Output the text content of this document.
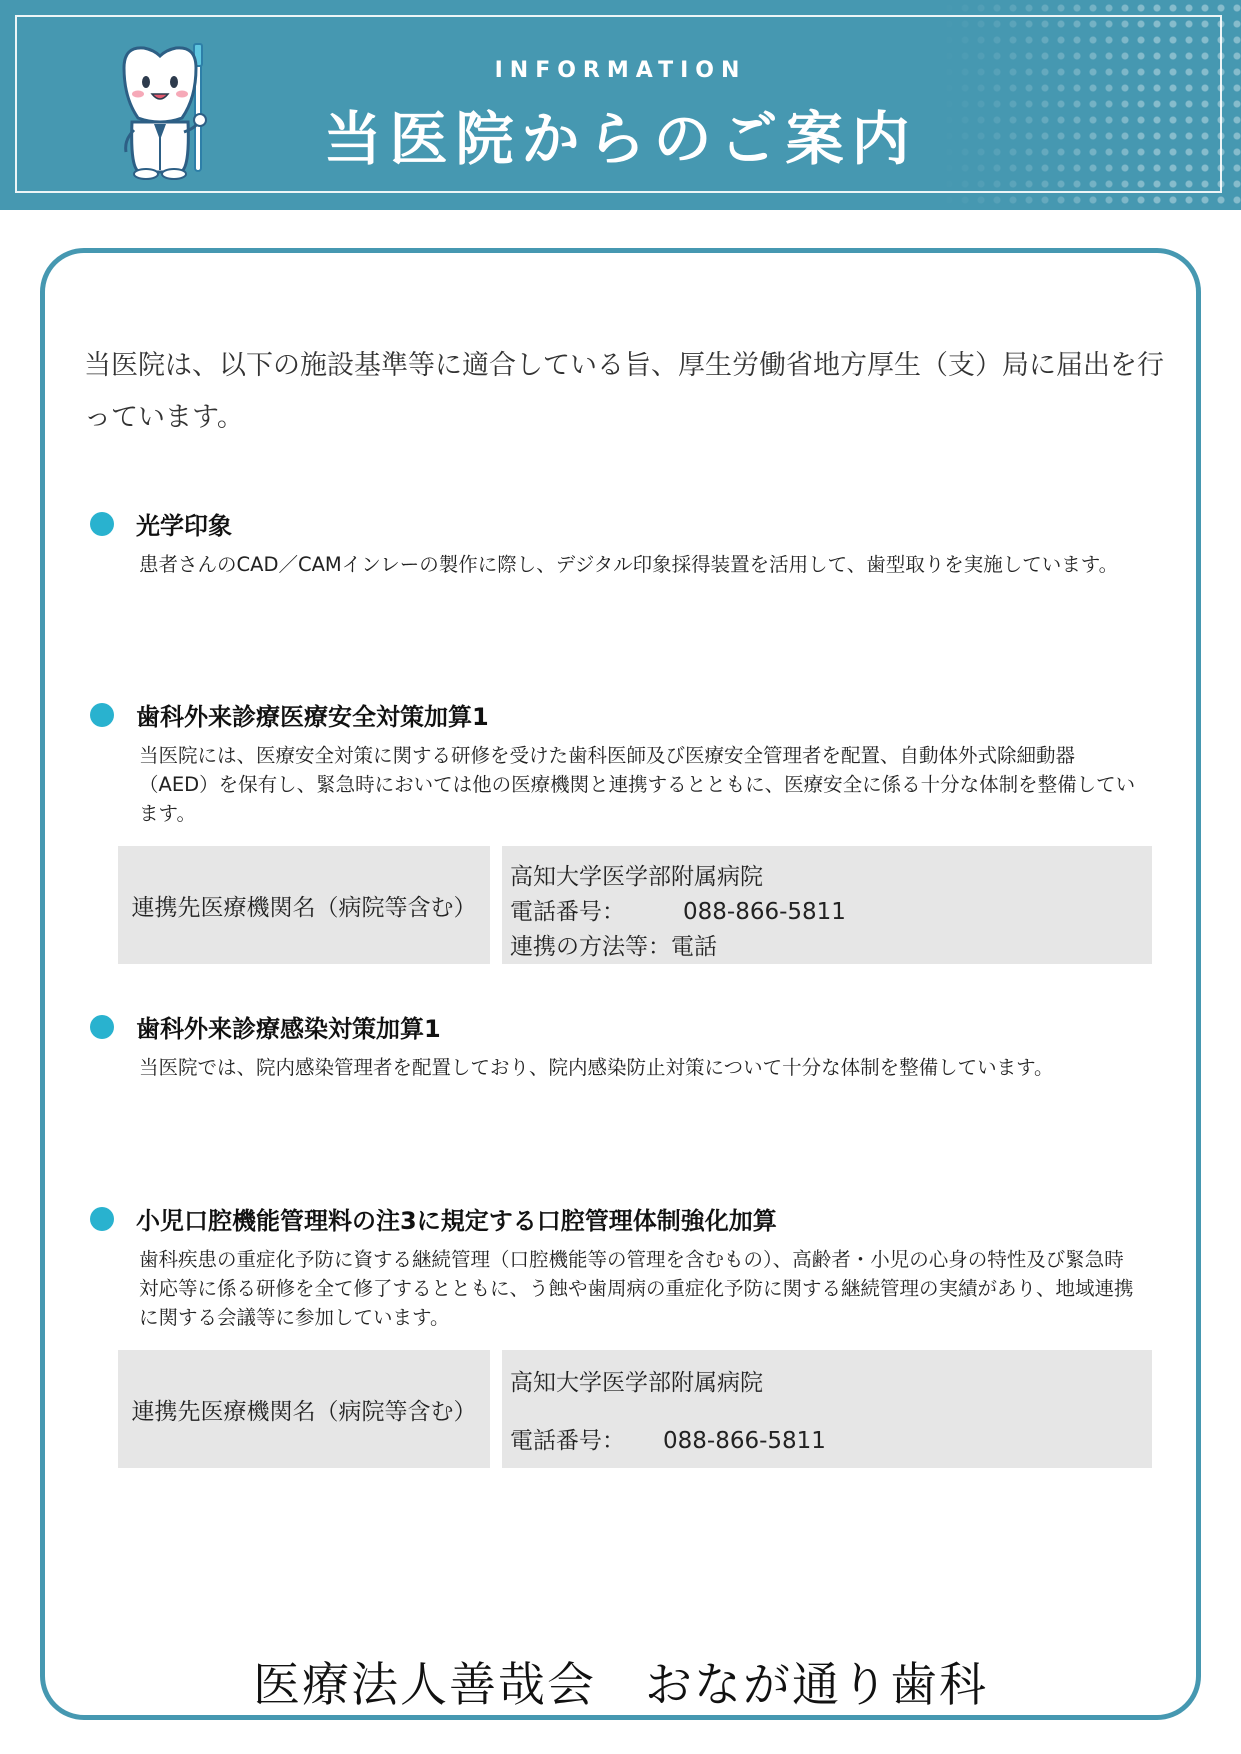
INFORMATION
当医院からのご案内
当医院は、以下の施設基準等に適合している旨、厚生労働省地方厚生（支）局に届出を行っています。
光学印象
患者さんのCAD／CAMインレーの製作に際し、デジタル印象採得装置を活用して、歯型取りを実施しています。
歯科外来診療医療安全対策加算1
当医院には、医療安全対策に関する研修を受けた歯科医師及び医療安全管理者を配置、自動体外式除細動器（AED）を保有し、緊急時においては他の医療機関と連携するとともに、医療安全に係る十分な体制を整備しています。
連携先医療機関名（病院等含む）
高知大学医学部附属病院
電話番号：	088-866-5811
連携の方法等：電話
歯科外来診療感染対策加算1
当医院では、院内感染管理者を配置しており、院内感染防止対策について十分な体制を整備しています。
小児口腔機能管理料の注3に規定する口腔管理体制強化加算
歯科疾患の重症化予防に資する継続管理（口腔機能等の管理を含むもの）、高齢者・小児の心身の特性及び緊急時対応等に係る研修を全て修了するとともに、う蝕や歯周病の重症化予防に関する継続管理の実績があり、地域連携に関する会議等に参加しています。
連携先医療機関名（病院等含む）
高知大学医学部附属病院
電話番号： 088-866-5811
医療法人善哉会　おなが通り歯科
